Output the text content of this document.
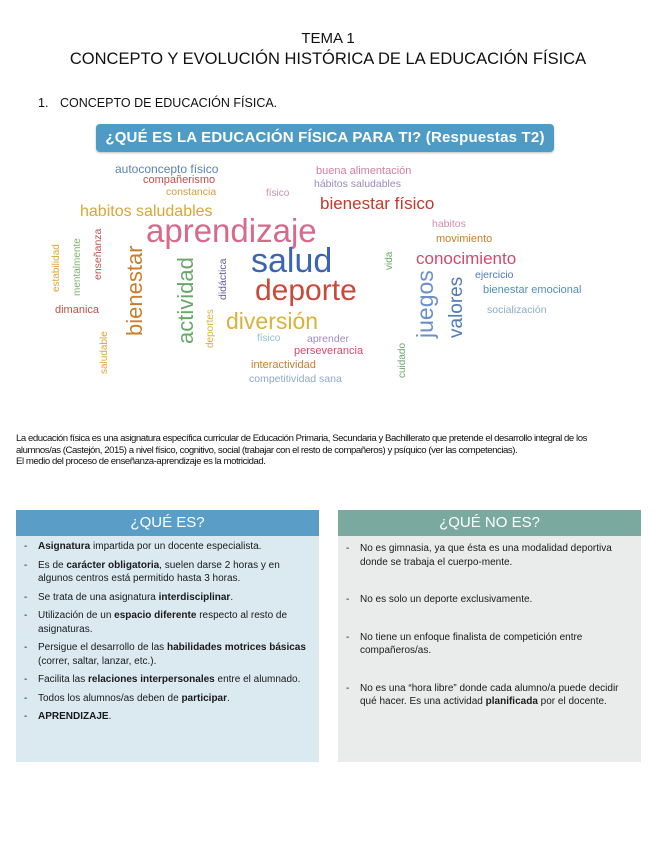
TEMA 1
CONCEPTO Y EVOLUCIÓN HISTÓRICA DE LA EDUCACIÓN FÍSICA
1. CONCEPTO DE EDUCACIÓN FÍSICA.
¿QUÉ ES LA EDUCACIÓN FÍSICA PARA TI? (Respuestas T2)
autoconcepto físico
compañerismo
constancia	físico
buena alimentación
hábitos saludables
bienestar físico
habitos saludables
aprendizaje	habitos
movimiento
salud	conocimiento
ejercicio
deporte	bienestar emocional
socialización
diversión
dimanica
físico	aprender
perseverancia
interactividad
competitividad sana
estabilidad mentalmente enseñanza bienestar
saludable
actividad didáctica
deportes
vida
juegos valores
cuidado

La educación física es una asignatura específica curricular de Educación Primaria, Secundaria y Bachillerato que pretende el desarrollo integral de los alumnos/as (Castejón, 2015) a nivel físico, cognitivo, social (trabajar con el resto de compañeros) y psíquico (ver las competencias).

El medio del proceso de enseñanza-aprendizaje es la motricidad.

¿QUÉ ES?
- Asignatura impartida por un docente especialista.
- Es de carácter obligatoria, suelen darse 2 horas y en algunos centros está permitido hasta 3 horas.
- Se trata de una asignatura interdisciplinar.
- Utilización de un espacio diferente respecto al resto de asignaturas.
- Persigue el desarrollo de las habilidades motrices básicas (correr, saltar, lanzar, etc.).
- Facilita las relaciones interpersonales entre el alumnado.
- Todos los alumnos/as deben de participar.
- APRENDIZAJE.
¿QUÉ NO ES?
- No es gimnasia, ya que ésta es una modalidad deportiva donde se trabaja el cuerpo-mente.
- No es solo un deporte exclusivamente.
- No tiene un enfoque finalista de competición entre compañeros/as.
- No es una “hora libre” donde cada alumno/a puede decidir qué hacer. Es una actividad planificada por el docente.
